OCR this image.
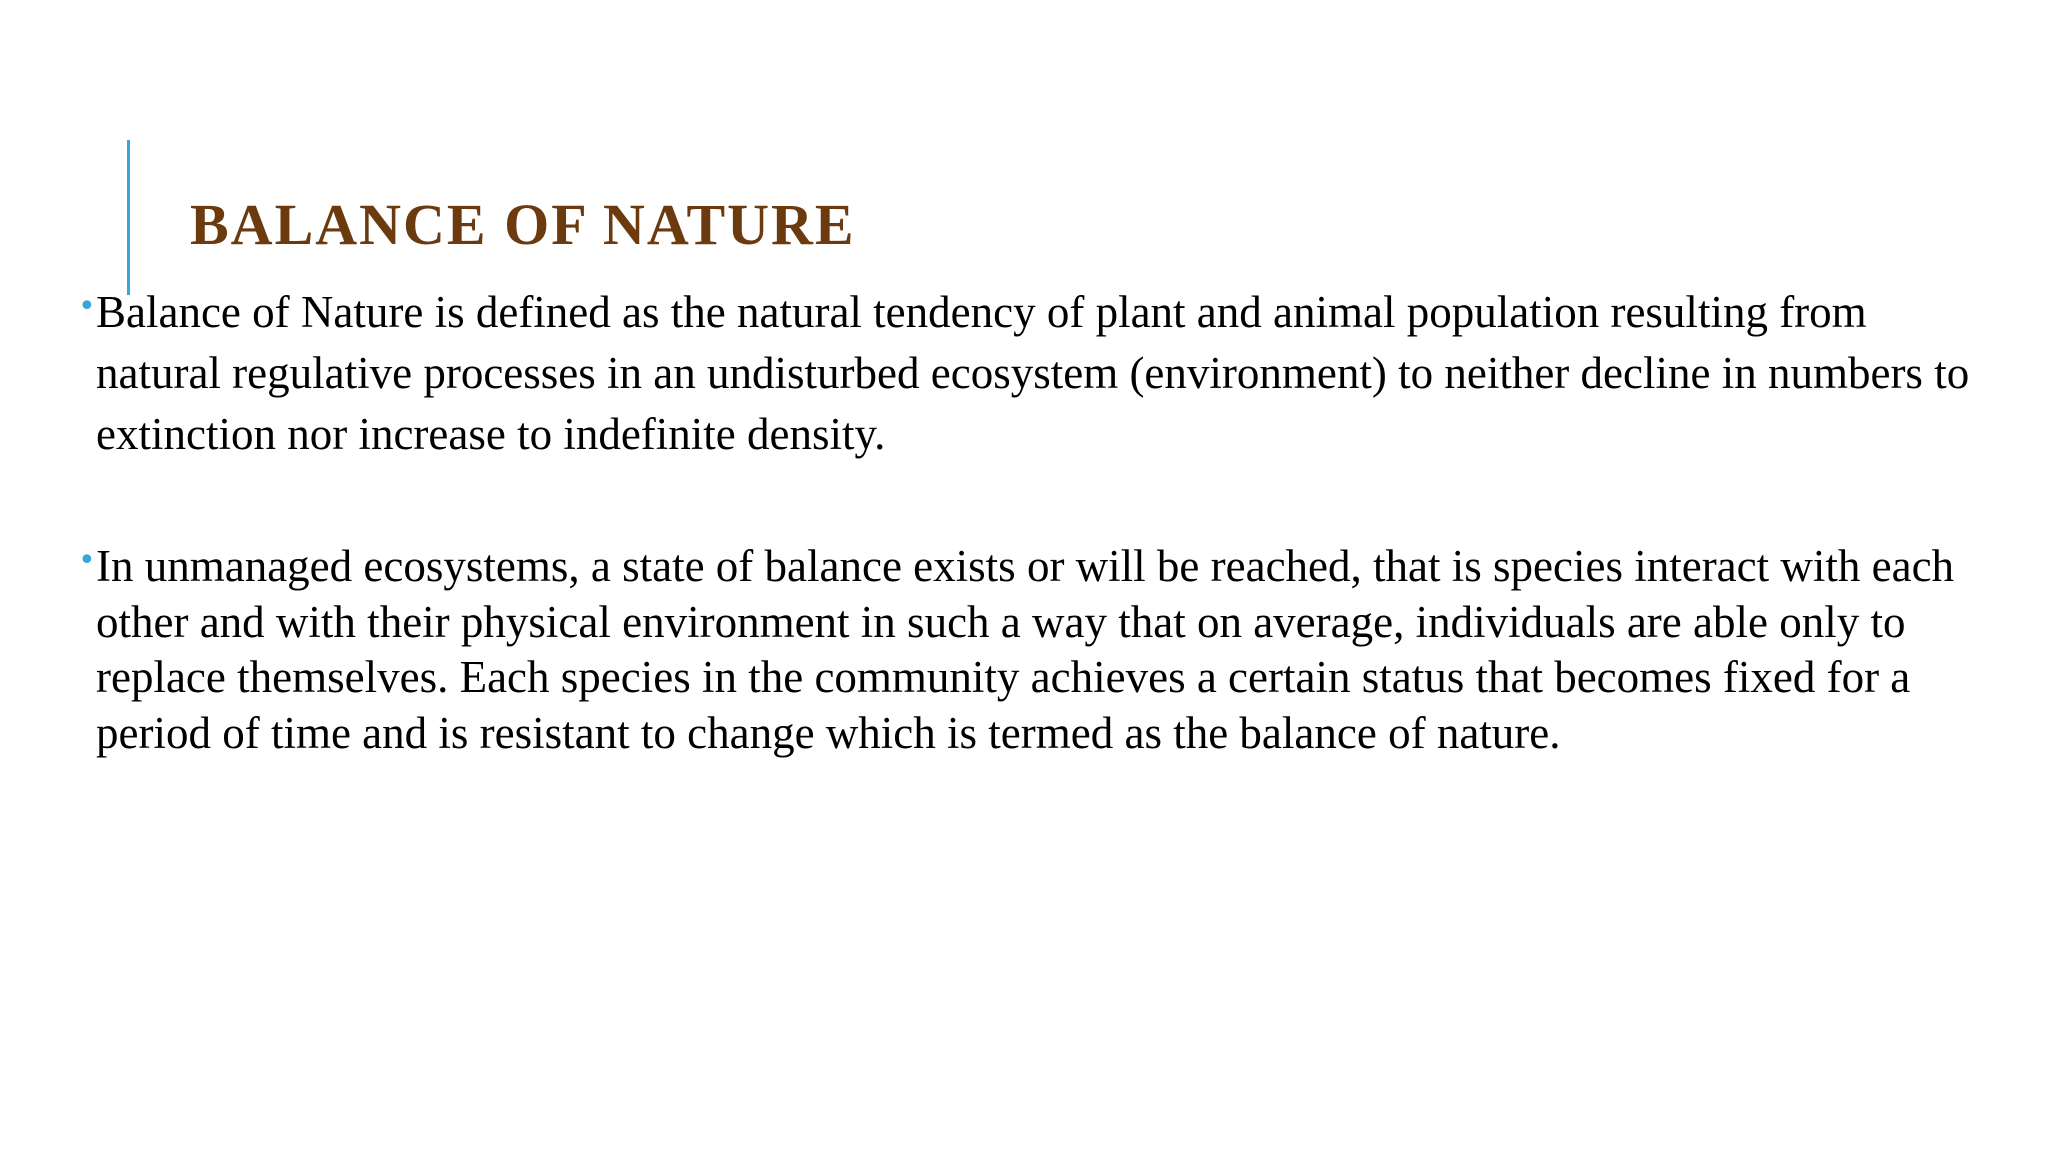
BALANCE OF NATURE
• Balance of Nature is defined as the natural tendency of plant and animal population resulting from natural regulative processes in an undisturbed ecosystem (environment) to neither decline in numbers to extinction nor increase to indefinite density.
• In unmanaged ecosystems, a state of balance exists or will be reached, that is species interact with each other and with their physical environment in such a way that on average, individuals are able only to replace themselves. Each species in the community achieves a certain status that becomes fixed for a period of time and is resistant to change which is termed as the balance of nature.
